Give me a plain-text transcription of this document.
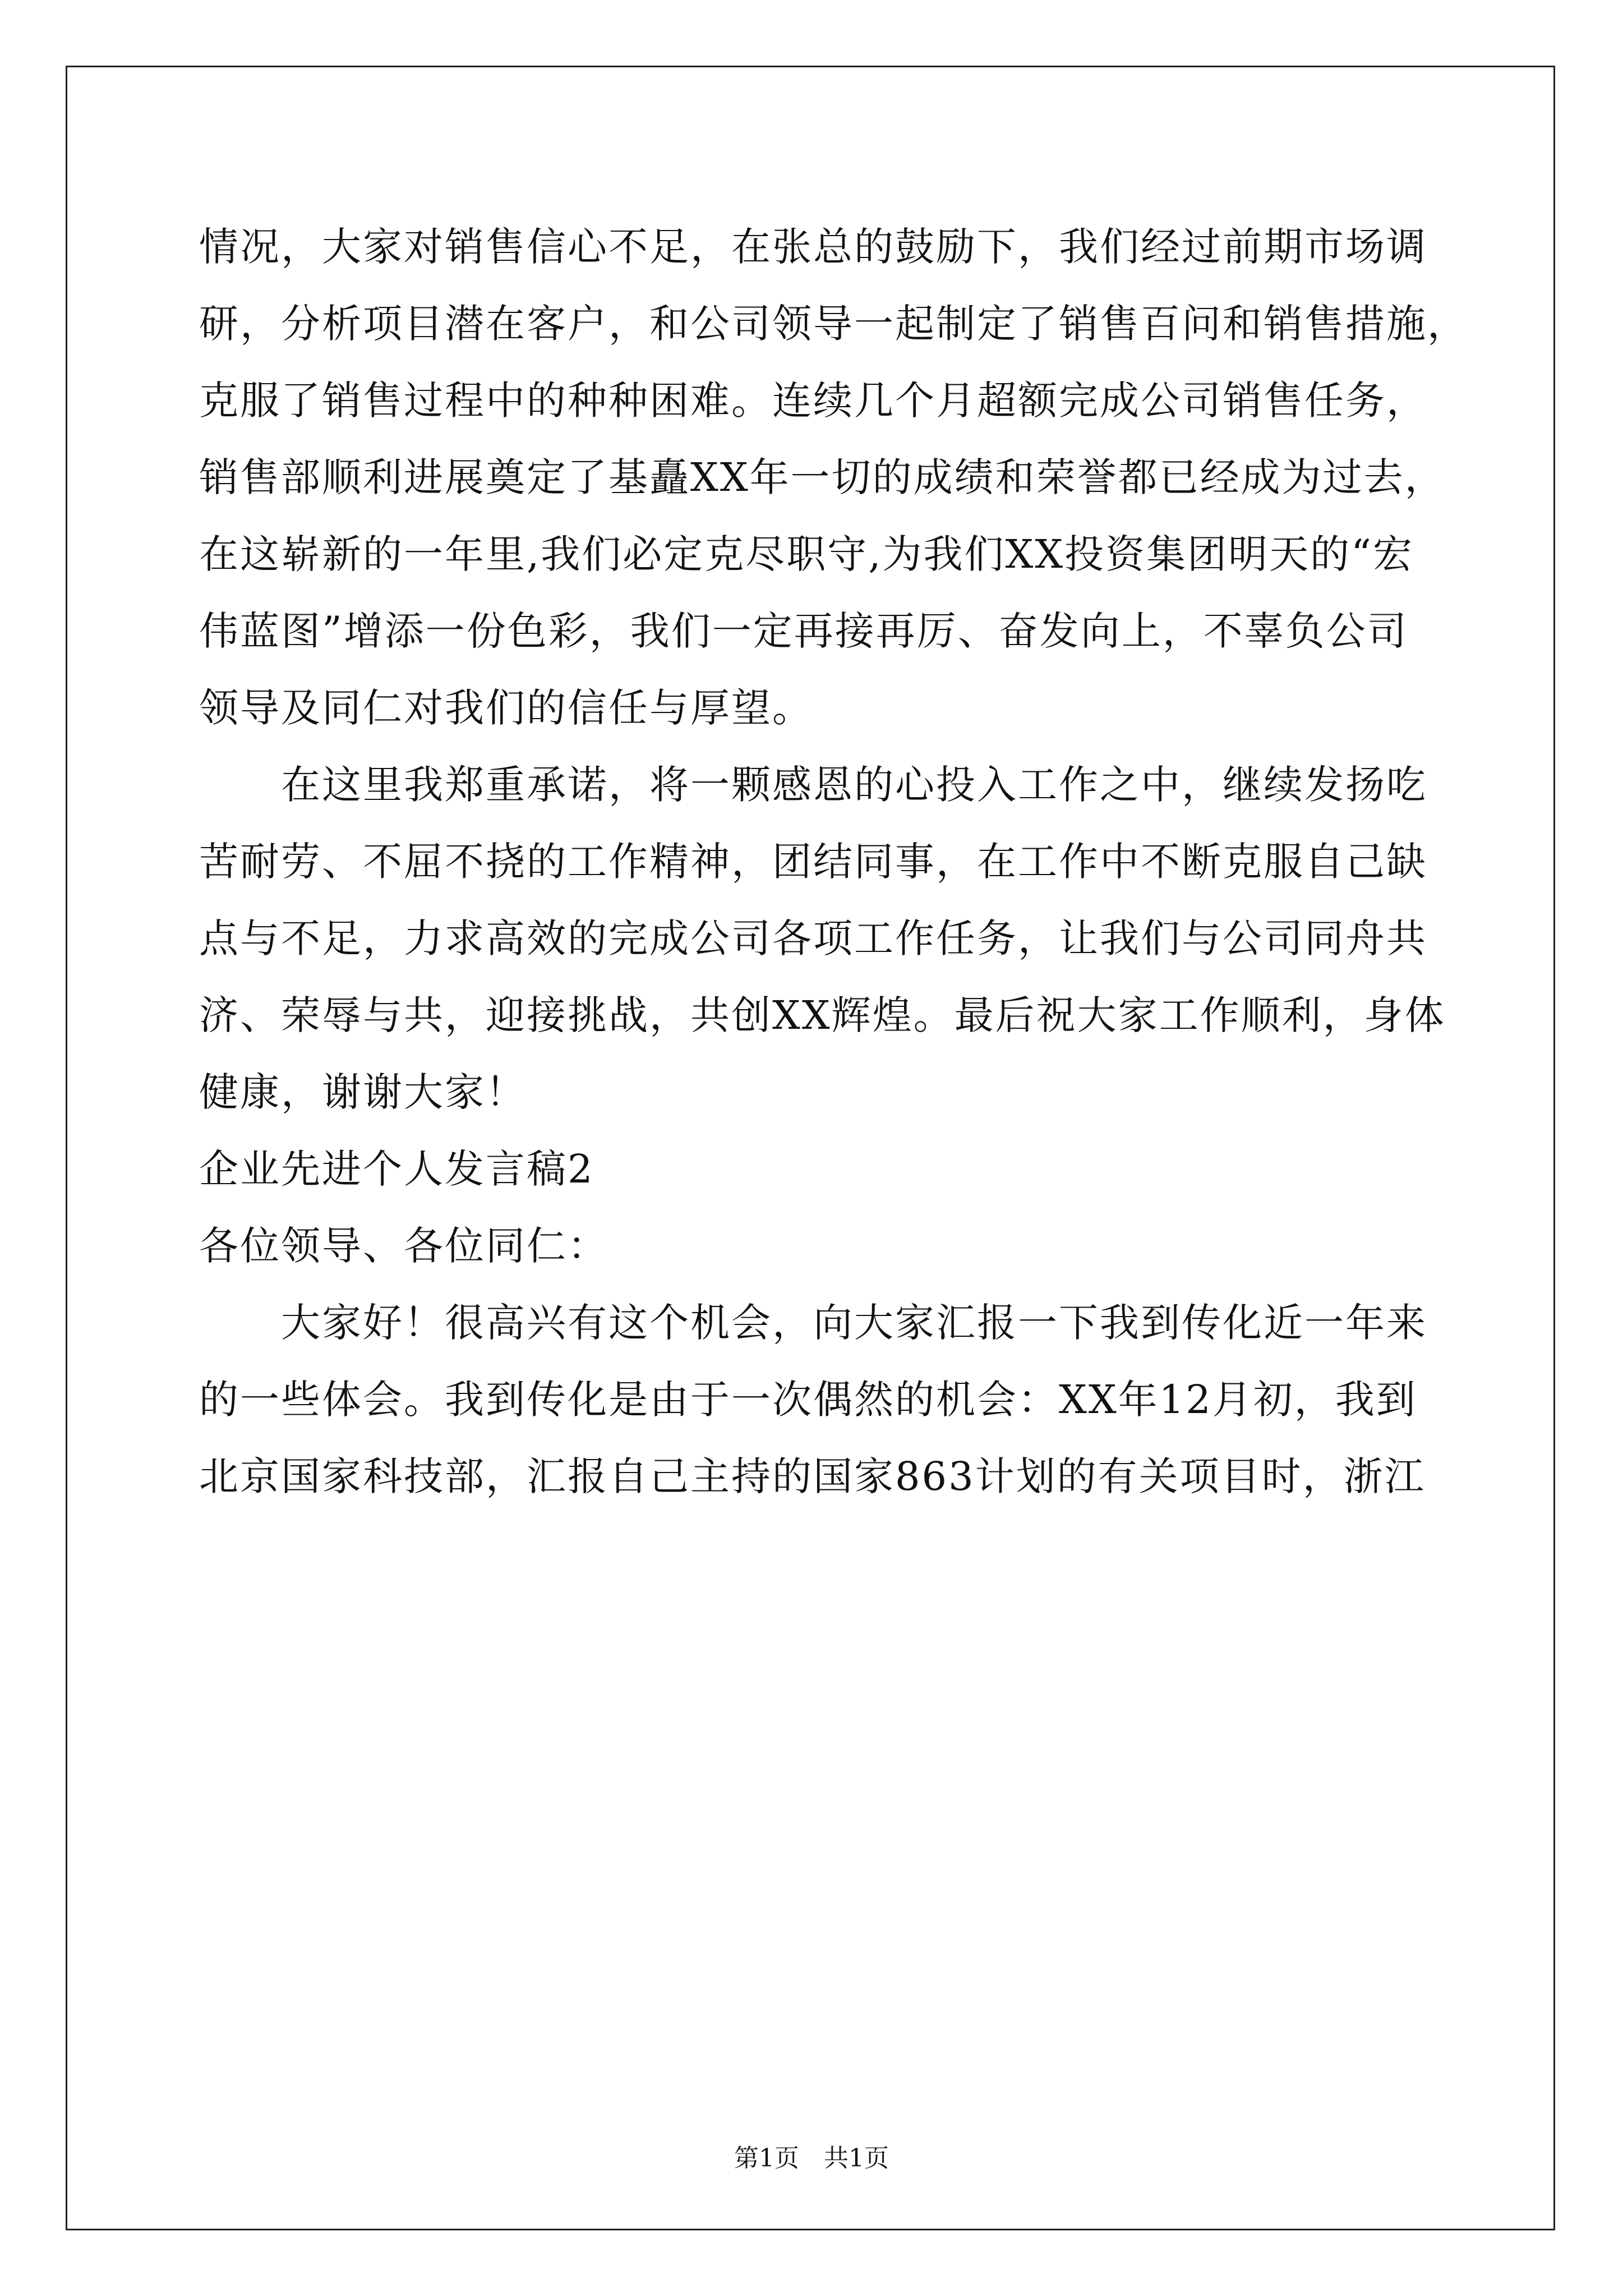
情况，大家对销售信心不足，在张总的鼓励下，我们经过前期市场调
研，分析项目潜在客户，和公司领导一起制定了销售百问和销售措施，
克服了销售过程中的种种困难。连续几个月超额完成公司销售任务，
销售部顺利进展奠定了基矗XX年一切的成绩和荣誉都已经成为过去，
在这崭新的一年里,我们必定克尽职守,为我们XX投资集团明天的“宏
伟蓝图”增添一份色彩，我们一定再接再厉、奋发向上，不辜负公司
领导及同仁对我们的信任与厚望。
　　在这里我郑重承诺，将一颗感恩的心投入工作之中，继续发扬吃
苦耐劳、不屈不挠的工作精神，团结同事，在工作中不断克服自己缺
点与不足，力求高效的完成公司各项工作任务，让我们与公司同舟共
济、荣辱与共，迎接挑战，共创XX辉煌。最后祝大家工作顺利，身体
健康，谢谢大家！
企业先进个人发言稿2
各位领导、各位同仁：
　　大家好！很高兴有这个机会，向大家汇报一下我到传化近一年来
的一些体会。我到传化是由于一次偶然的机会：XX年12月初，我到
北京国家科技部，汇报自己主持的国家863计划的有关项目时，浙江
第1页　共1页
